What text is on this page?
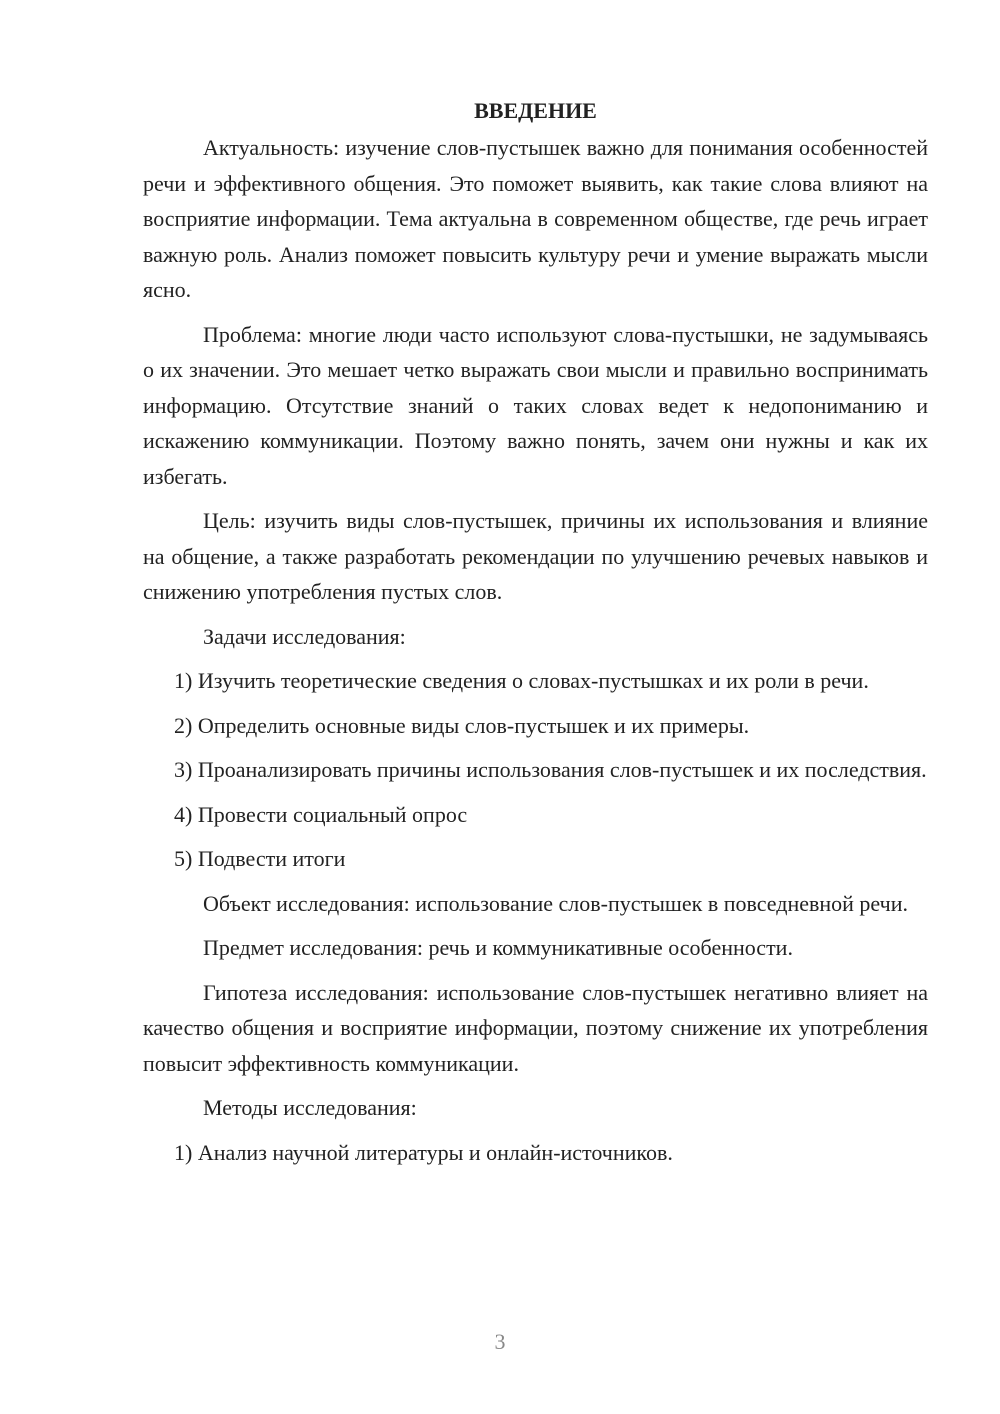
ВВЕДЕНИЕ

Актуальность: изучение слов-пустышек важно для понимания особенностей речи и эффективного общения. Это поможет выявить, как такие слова влияют на восприятие информации. Тема актуальна в современном обществе, где речь играет важную роль. Анализ поможет повысить культуру речи и умение выражать мысли ясно.

Проблема: многие люди часто используют слова-пустышки, не задумываясь о их значении. Это мешает четко выражать свои мысли и правильно воспринимать информацию. Отсутствие знаний о таких словах ведет к недопониманию и искажению коммуникации. Поэтому важно понять, зачем они нужны и как их избегать.

Цель: изучить виды слов-пустышек, причины их использования и влияние на общение, а также разработать рекомендации по улучшению речевых навыков и снижению употребления пустых слов.

Задачи исследования:

1) Изучить теоретические сведения о словах-пустышках и их роли в речи.

2) Определить основные виды слов-пустышек и их примеры.

3) Проанализировать причины использования слов-пустышек и их последствия.

4) Провести социальный опрос

5) Подвести итоги

Объект исследования: использование слов-пустышек в повседневной речи.

Предмет исследования: речь и коммуникативные особенности.

Гипотеза исследования: использование слов-пустышек негативно влияет на качество общения и восприятие информации, поэтому снижение их употребления повысит эффективность коммуникации.

Методы исследования:

1) Анализ научной литературы и онлайн-источников.

3
